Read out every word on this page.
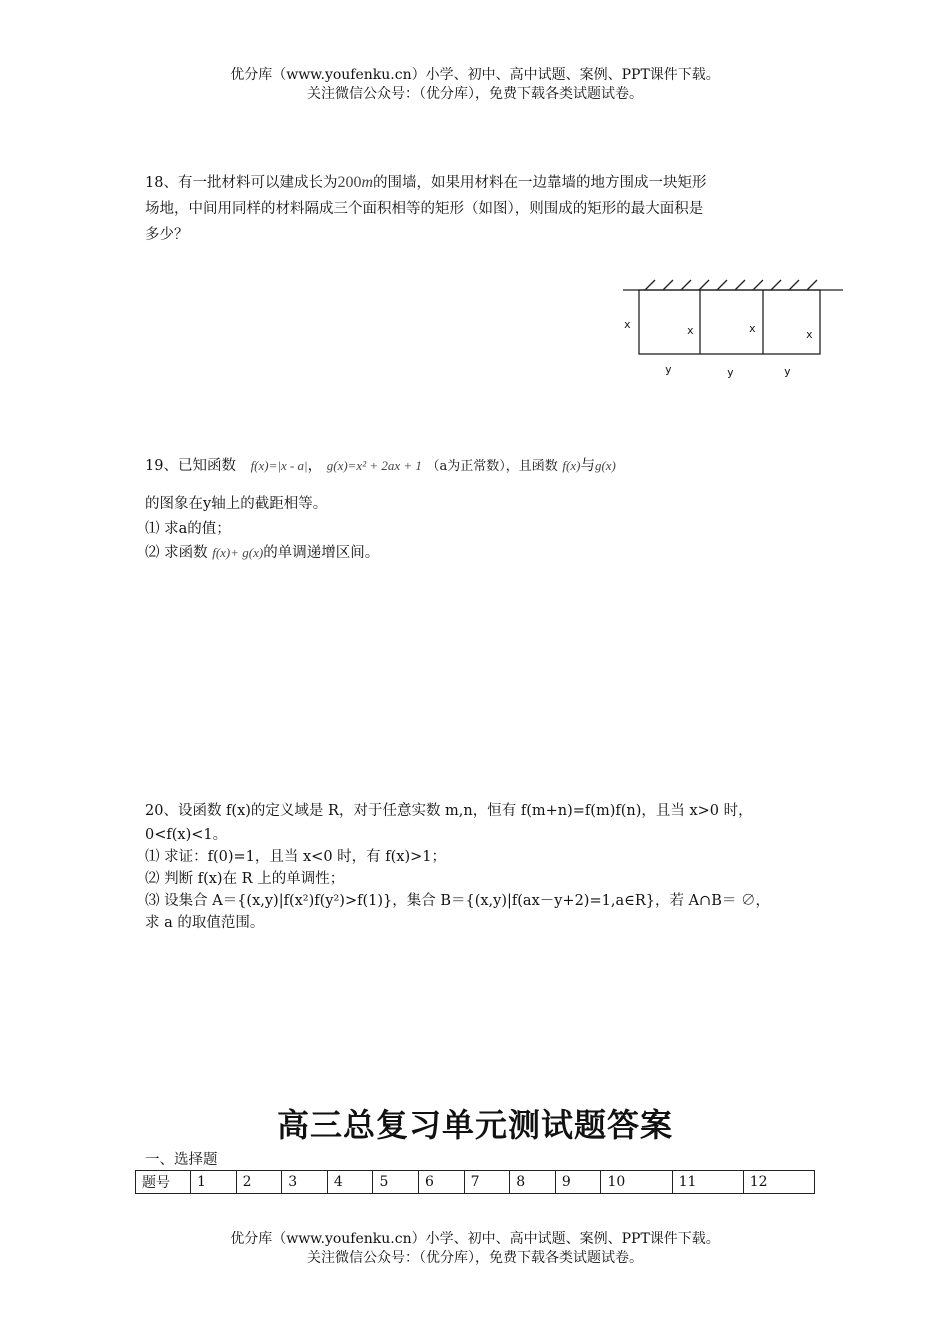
优分库（www.youfenku.cn）小学、初中、高中试题、案例、PPT课件下载。
关注微信公众号：（优分库），免费下载各类试题试卷。
18、有一批材料可以建成长为200m的围墙，如果用材料在一边靠墙的地方围成一块矩形
场地，中间用同样的材料隔成三个面积相等的矩形（如图），则围成的矩形的最大面积是
多少？
x	x	x	x
y	y	y
19、已知函数 f(x)=|x - a|， g(x)=x² + 2ax + 1 （a为正常数），且函数 f(x)与g(x)
的图象在y轴上的截距相等。
⑴ 求a的值；
⑵ 求函数 f(x)+ g(x)的单调递增区间。
20、设函数 f(x)的定义域是 R，对于任意实数 m,n，恒有 f(m+n)=f(m)f(n)，且当 x>0 时，
0<f(x)<1。
⑴ 求证：f(0)=1，且当 x<0 时，有 f(x)>1；
⑵ 判断 f(x)在 R 上的单调性；
⑶ 设集合 A＝{(x,y)|f(x²)f(y²)>f(1)}，集合 B＝{(x,y)|f(ax－y+2)=1,a∈R}，若 A∩B＝ ∅，
求 a 的取值范围。
高三总复习单元测试题答案
一、选择题
题号	1	2	3	4	5	6	7	8	9	10	11	12
优分库（www.youfenku.cn）小学、初中、高中试题、案例、PPT课件下载。
关注微信公众号：（优分库），免费下载各类试题试卷。
